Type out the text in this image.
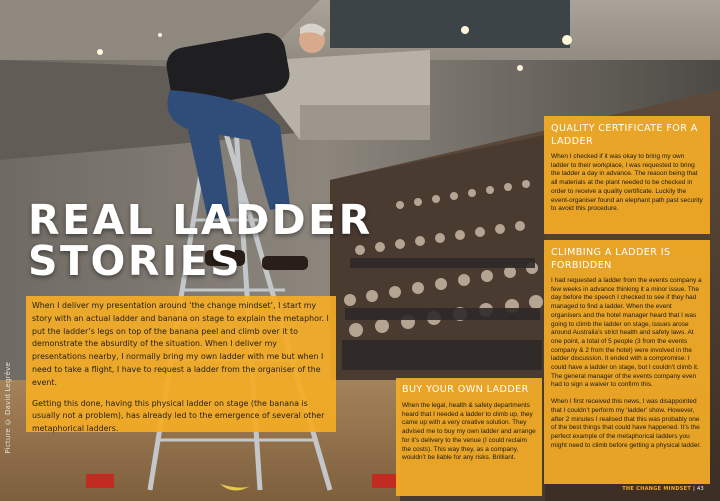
Picture © David Legrève
REAL LADDER
STORIES

When I deliver my presentation around ‘the change mindset’, I start my story with an actual ladder and banana on stage to explain the metaphor. I put the ladder’s legs on top of the banana peel and climb over it to demonstrate the absurdity of the situation. When I deliver my presentations nearby, I normally bring my own ladder with me but when I need to take a flight, I have to request a ladder from the organiser of the event.

Getting this done, having this physical ladder on stage (the banana is usually not a problem), has already led to the emergence of several other metaphorical ladders.

QUALITY CERTIFICATE FOR A LADDER

When I checked if it was okay to bring my own ladder to their workplace, I was requested to bring the ladder a day in advance. The reason being that all materials at the plant needed to be checked in order to receive a quality certificate. Luckily the event-organiser found an elephant path past security to avoid this procedure.

CLIMBING A LADDER IS FORBIDDEN

I had requested a ladder from the events company a few weeks in advance thinking it a minor issue. The day before the speech I checked to see if they had managed to find a ladder. When the event organisers and the hotel manager heard that I was going to climb the ladder on stage, issues arose around Australia’s strict health and safety laws. At one point, a total of 5 people (3 from the events company & 2 from the hotel) were involved in the ladder discussion. It ended with a compromise: I could have a ladder on stage, but I couldn’t climb it. The general manager of the events company even had to sign a waiver to confirm this.

When I first received this news, I was disappointed that I couldn’t perform my ‘ladder’ show. However, after 2 minutes I realised that this was probably one of the best things that could have happened. It’s the perfect example of the metaphorical ladders you might need to climb before getting a physical ladder.

BUY YOUR OWN LADDER

When the legal, health & safety departments heard that I needed a ladder to climb up, they came up with a very creative solution. They advised me to buy my own ladder and arrange for it’s delivery to the venue (I could reclaim the costs). This way they, as a company, wouldn’t be liable for any risks. Brilliant.

THE CHANGE MINDSET | 43
